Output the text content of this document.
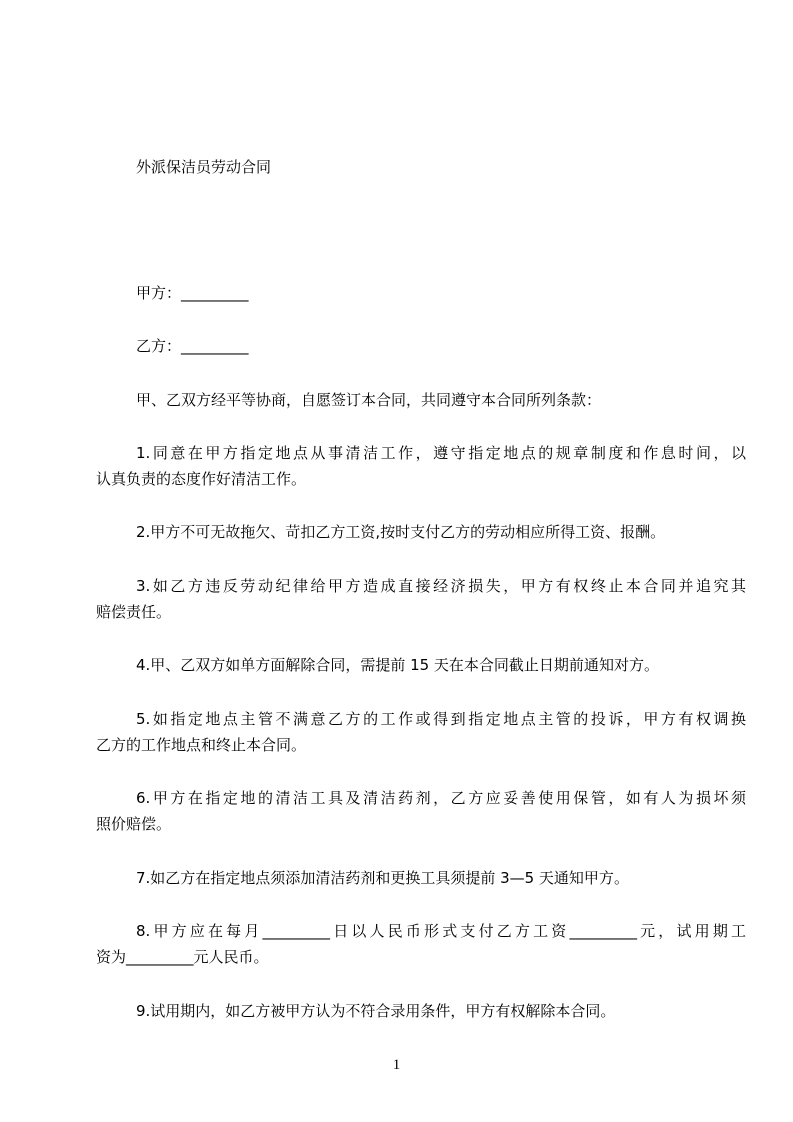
外派保洁员劳动合同
甲方：_________
乙方：_________
甲、乙双方经平等协商，自愿签订本合同，共同遵守本合同所列条款：
1.同意在甲方指定地点从事清洁工作，遵守指定地点的规章制度和作息时间，以
认真负责的态度作好清洁工作。
2.甲方不可无故拖欠、苛扣乙方工资,按时支付乙方的劳动相应所得工资、报酬。
3.如乙方违反劳动纪律给甲方造成直接经济损失，甲方有权终止本合同并追究其
赔偿责任。
4.甲、乙双方如单方面解除合同，需提前 15 天在本合同截止日期前通知对方。
5.如指定地点主管不满意乙方的工作或得到指定地点主管的投诉，甲方有权调换
乙方的工作地点和终止本合同。
6.甲方在指定地的清洁工具及清洁药剂，乙方应妥善使用保管，如有人为损坏须
照价赔偿。
7.如乙方在指定地点须添加清洁药剂和更换工具须提前 3—5 天通知甲方。
8.甲方应在每月_________日以人民币形式支付乙方工资_________元，试用期工
资为_________元人民币。
9.试用期内，如乙方被甲方认为不符合录用条件，甲方有权解除本合同。
1
